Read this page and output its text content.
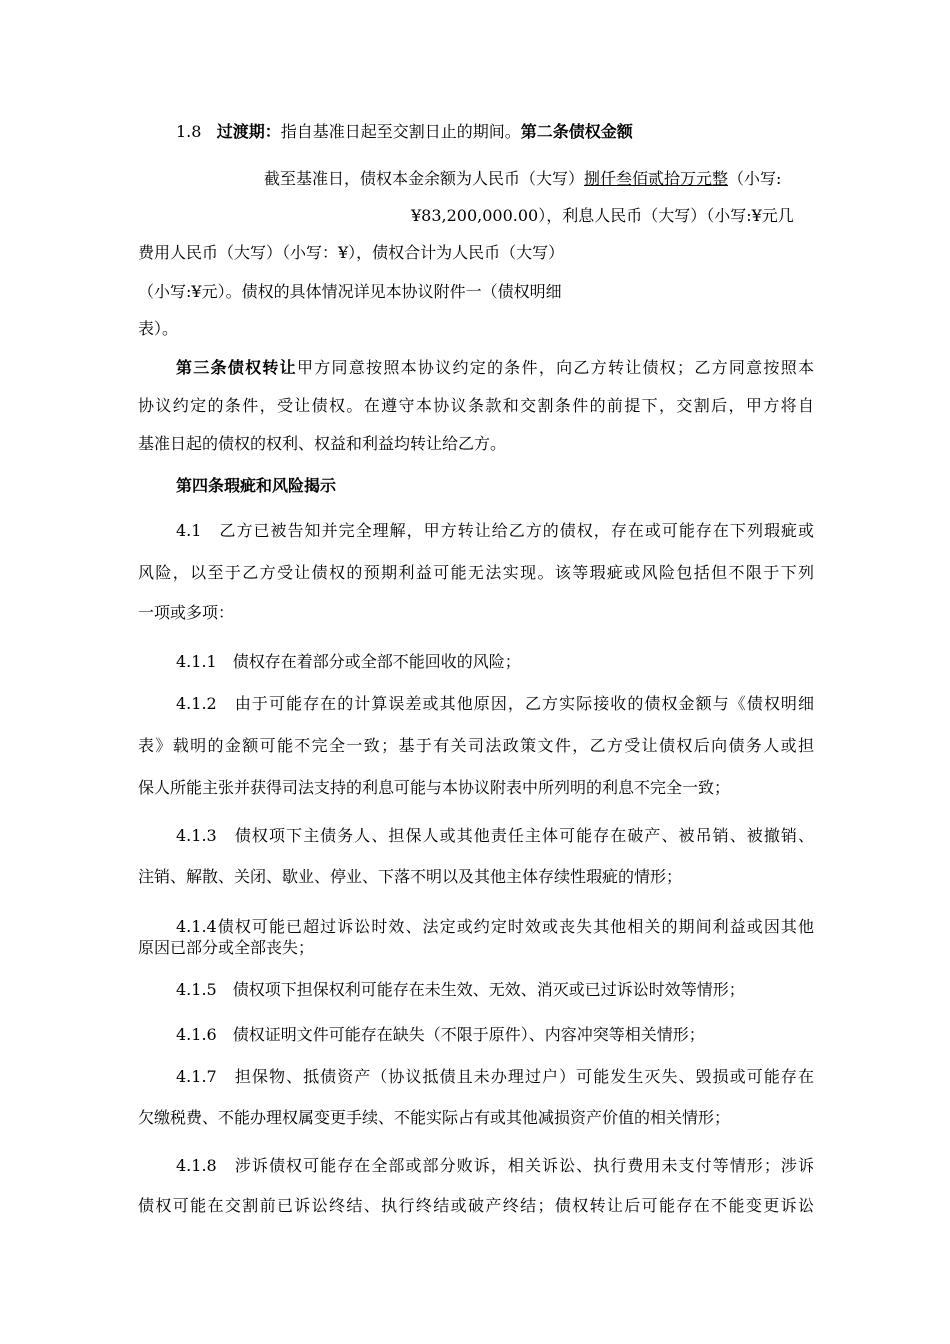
1.8 过渡期：指自基准日起至交割日止的期间。第二条债权金额
截至基准日，债权本金余额为人民币（大写）捌仟叁佰贰拾万元整（小写:
¥83,200,000.00），利息人民币（大写）（小写:¥元几
费用人民币（大写）（小写：¥），债权合计为人民币（大写）
（小写:¥元）。债权的具体情况详见本协议附件一（债权明细
表）。
第三条债权转让甲方同意按照本协议约定的条件，向乙方转让债权；乙方同意按照本
协议约定的条件，受让债权。在遵守本协议条款和交割条件的前提下，交割后，甲方将自
基准日起的债权的权利、权益和利益均转让给乙方。
第四条瑕疵和风险揭示
4.1　乙方已被告知并完全理解，甲方转让给乙方的债权，存在或可能存在下列瑕疵或
风险，以至于乙方受让债权的预期利益可能无法实现。该等瑕疵或风险包括但不限于下列
一项或多项：
4.1.1　债权存在着部分或全部不能回收的风险；
4.1.2　由于可能存在的计算误差或其他原因，乙方实际接收的债权金额与《债权明细
表》载明的金额可能不完全一致；基于有关司法政策文件，乙方受让债权后向债务人或担
保人所能主张并获得司法支持的利息可能与本协议附表中所列明的利息不完全一致；
4.1.3　债权项下主债务人、担保人或其他责任主体可能存在破产、被吊销、被撤销、
注销、解散、关闭、歇业、停业、下落不明以及其他主体存续性瑕疵的情形；
4.1.4债权可能已超过诉讼时效、法定或约定时效或丧失其他相关的期间利益或因其他
原因已部分或全部丧失；
4.1.5　债权项下担保权利可能存在未生效、无效、消灭或已过诉讼时效等情形；
4.1.6　债权证明文件可能存在缺失（不限于原件）、内容冲突等相关情形；
4.1.7　担保物、抵债资产（协议抵债且未办理过户）可能发生灭失、毁损或可能存在
欠缴税费、不能办理权属变更手续、不能实际占有或其他减损资产价值的相关情形；
4.1.8　涉诉债权可能存在全部或部分败诉，相关诉讼、执行费用未支付等情形；涉诉
债权可能在交割前已诉讼终结、执行终结或破产终结；债权转让后可能存在不能变更诉讼
